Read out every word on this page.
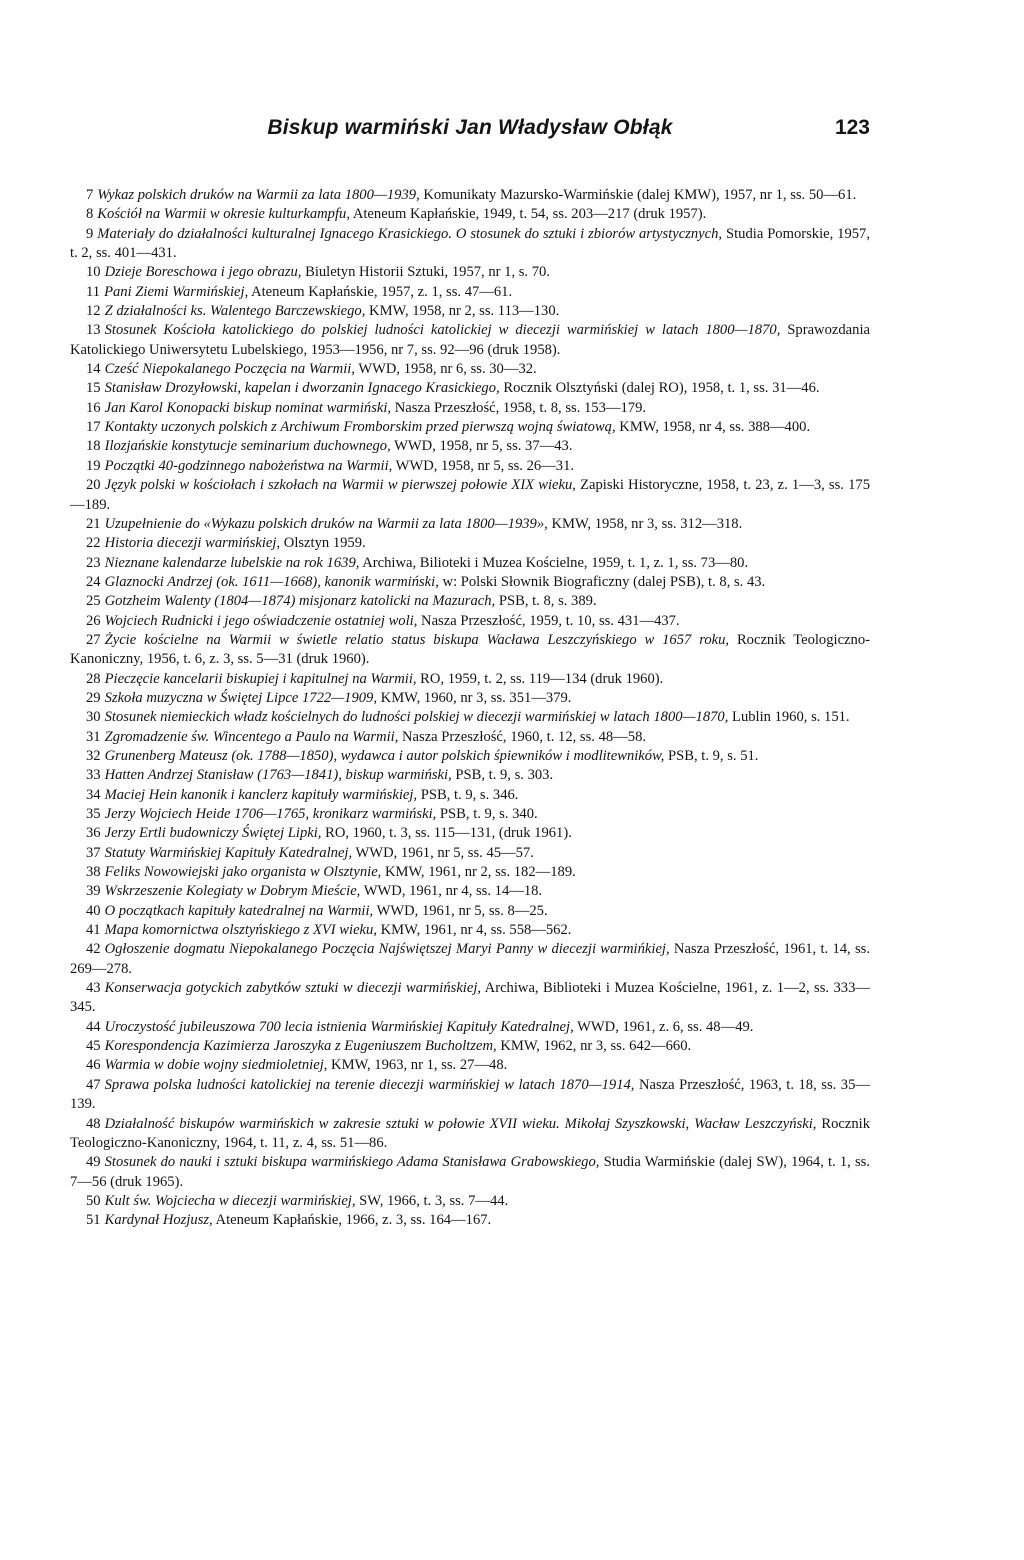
Biskup warmiński Jan Władysław Obłąk	123
7 Wykaz polskich druków na Warmii za lata 1800—1939, Komunikaty Mazursko-Warmińskie (dalej KMW), 1957, nr 1, ss. 50—61.
8 Kościół na Warmii w okresie kulturkampfu, Ateneum Kapłańskie, 1949, t. 54, ss. 203—217 (druk 1957).
9 Materiały do działalności kulturalnej Ignacego Krasickiego. O stosunek do sztuki i zbiorów artystycznych, Studia Pomorskie, 1957, t. 2, ss. 401—431.
10 Dzieje Boreschowa i jego obrazu, Biuletyn Historii Sztuki, 1957, nr 1, s. 70.
11 Pani Ziemi Warmińskiej, Ateneum Kapłańskie, 1957, z. 1, ss. 47—61.
12 Z działalności ks. Walentego Barczewskiego, KMW, 1958, nr 2, ss. 113—130.
13 Stosunek Kościoła katolickiego do polskiej ludności katolickiej w diecezji warmińskiej w latach 1800—1870, Sprawozdania Katolickiego Uniwersytetu Lubelskiego, 1953—1956, nr 7, ss. 92—96 (druk 1958).
14 Cześć Niepokalanego Poczęcia na Warmii, WWD, 1958, nr 6, ss. 30—32.
15 Stanisław Drozyłowski, kapelan i dworzanin Ignacego Krasickiego, Rocznik Olsztyński (dalej RO), 1958, t. 1, ss. 31—46.
16 Jan Karol Konopacki biskup nominat warmiński, Nasza Przeszłość, 1958, t. 8, ss. 153—179.
17 Kontakty uczonych polskich z Archiwum Fromborskim przed pierwszą wojną światową, KMW, 1958, nr 4, ss. 388—400.
18 Ilozjańskie konstytucje seminarium duchownego, WWD, 1958, nr 5, ss. 37—43.
19 Początki 40-godzinnego nabożeństwa na Warmii, WWD, 1958, nr 5, ss. 26—31.
20 Język polski w kościołach i szkołach na Warmii w pierwszej połowie XIX wieku, Zapiski Historyczne, 1958, t. 23, z. 1—3, ss. 175—189.
21 Uzupełnienie do «Wykazu polskich druków na Warmii za lata 1800—1939», KMW, 1958, nr 3, ss. 312—318.
22 Historia diecezji warmińskiej, Olsztyn 1959.
23 Nieznane kalendarze lubelskie na rok 1639, Archiwa, Bilioteki i Muzea Kościelne, 1959, t. 1, z. 1, ss. 73—80.
24 Glaznocki Andrzej (ok. 1611—1668), kanonik warmiński, w: Polski Słownik Biograficzny (dalej PSB), t. 8, s. 43.
25 Gotzheim Walenty (1804—1874) misjonarz katolicki na Mazurach, PSB, t. 8, s. 389.
26 Wojciech Rudnicki i jego oświadczenie ostatniej woli, Nasza Przeszłość, 1959, t. 10, ss. 431—437.
27 Życie kościelne na Warmii w świetle relatio status biskupa Wacława Leszczyńskiego w 1657 roku, Rocznik Teologiczno-Kanoniczny, 1956, t. 6, z. 3, ss. 5—31 (druk 1960).
28 Pieczęcie kancelarii biskupiej i kapitulnej na Warmii, RO, 1959, t. 2, ss. 119—134 (druk 1960).
29 Szkoła muzyczna w Świętej Lipce 1722—1909, KMW, 1960, nr 3, ss. 351—379.
30 Stosunek niemieckich władz kościelnych do ludności polskiej w diecezji warmińskiej w latach 1800—1870, Lublin 1960, s. 151.
31 Zgromadzenie św. Wincentego a Paulo na Warmii, Nasza Przeszłość, 1960, t. 12, ss. 48—58.
32 Grunenberg Mateusz (ok. 1788—1850), wydawca i autor polskich śpiewników i modlitewników, PSB, t. 9, s. 51.
33 Hatten Andrzej Stanisław (1763—1841), biskup warmiński, PSB, t. 9, s. 303.
34 Maciej Hein kanonik i kanclerz kapituły warmińskiej, PSB, t. 9, s. 346.
35 Jerzy Wojciech Heide 1706—1765, kronikarz warmiński, PSB, t. 9, s. 340.
36 Jerzy Ertli budowniczy Świętej Lipki, RO, 1960, t. 3, ss. 115—131, (druk 1961).
37 Statuty Warmińskiej Kapituły Katedralnej, WWD, 1961, nr 5, ss. 45—57.
38 Feliks Nowowiejski jako organista w Olsztynie, KMW, 1961, nr 2, ss. 182—189.
39 Wskrzeszenie Kolegiaty w Dobrym Mieście, WWD, 1961, nr 4, ss. 14—18.
40 O początkach kapituły katedralnej na Warmii, WWD, 1961, nr 5, ss. 8—25.
41 Mapa komornictwa olsztyńskiego z XVI wieku, KMW, 1961, nr 4, ss. 558—562.
42 Ogłoszenie dogmatu Niepokalanego Poczęcia Najświętszej Maryi Panny w diecezji warmińkiej, Nasza Przeszłość, 1961, t. 14, ss. 269—278.
43 Konserwacja gotyckich zabytków sztuki w diecezji warmińskiej, Archiwa, Biblioteki i Muzea Kościelne, 1961, z. 1—2, ss. 333—345.
44 Uroczystość jubileuszowa 700 lecia istnienia Warmińskiej Kapituły Katedralnej, WWD, 1961, z. 6, ss. 48—49.
45 Korespondencja Kazimierza Jaroszyka z Eugeniuszem Bucholtzem, KMW, 1962, nr 3, ss. 642—660.
46 Warmia w dobie wojny siedmioletniej, KMW, 1963, nr 1, ss. 27—48.
47 Sprawa polska ludności katolickiej na terenie diecezji warmińskiej w latach 1870—1914, Nasza Przeszłość, 1963, t. 18, ss. 35—139.
48 Działalność biskupów warmińskich w zakresie sztuki w połowie XVII wieku. Mikołaj Szyszkowski, Wacław Leszczyński, Rocznik Teologiczno-Kanoniczny, 1964, t. 11, z. 4, ss. 51—86.
49 Stosunek do nauki i sztuki biskupa warmińskiego Adama Stanisława Grabowskiego, Studia Warmińskie (dalej SW), 1964, t. 1, ss. 7—56 (druk 1965).
50 Kult św. Wojciecha w diecezji warmińskiej, SW, 1966, t. 3, ss. 7—44.
51 Kardynał Hozjusz, Ateneum Kapłańskie, 1966, z. 3, ss. 164—167.
